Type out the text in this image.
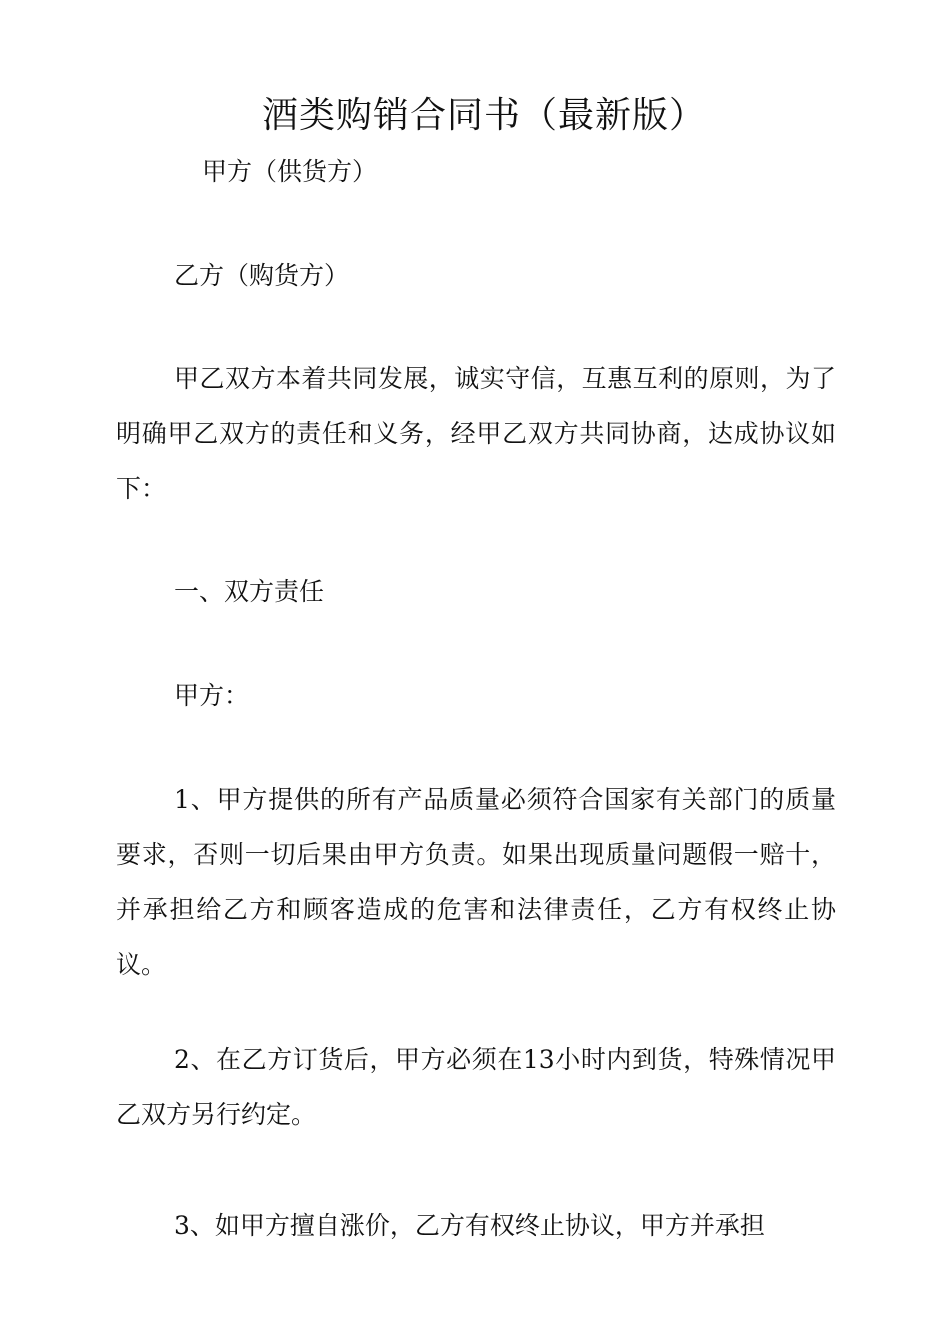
酒类购销合同书（最新版）
甲方（供货方）
乙方（购货方）
甲乙双方本着共同发展，诚实守信，互惠互利的原则，为了明确甲乙双方的责任和义务，经甲乙双方共同协商，达成协议如下：
一、双方责任
甲方：
1、甲方提供的所有产品质量必须符合国家有关部门的质量要求，否则一切后果由甲方负责。如果出现质量问题假一赔十，并承担给乙方和顾客造成的危害和法律责任，乙方有权终止协议。
2、在乙方订货后，甲方必须在13小时内到货，特殊情况甲乙双方另行约定。
3、如甲方擅自涨价，乙方有权终止协议，甲方并承担
